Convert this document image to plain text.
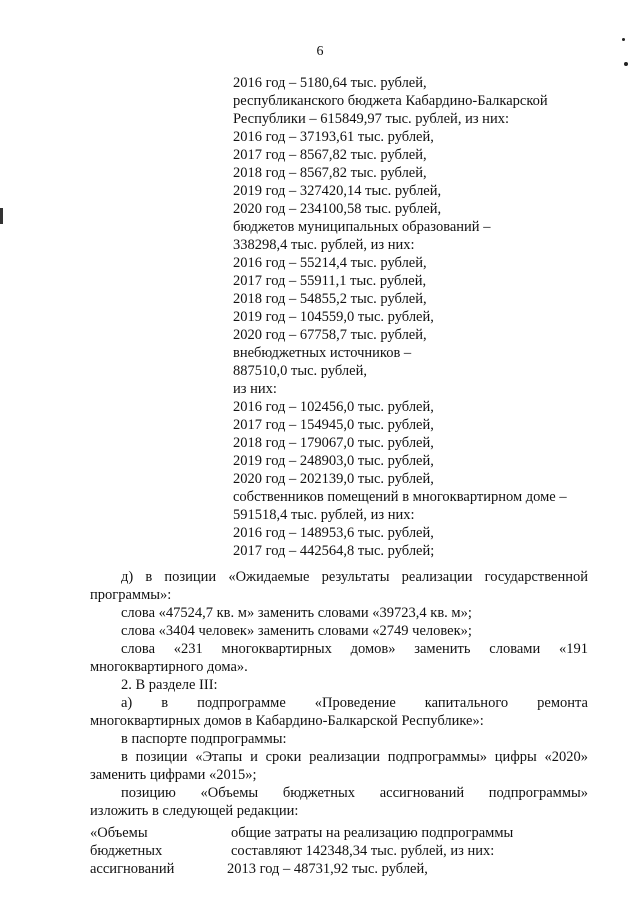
6
2016 год – 5180,64 тыс. рублей,
республиканского бюджета Кабардино-Балкарской
Республики – 615849,97 тыс. рублей, из них:
2016 год – 37193,61 тыс. рублей,
2017 год – 8567,82 тыс. рублей,
2018 год – 8567,82 тыс. рублей,
2019 год – 327420,14 тыс. рублей,
2020 год – 234100,58 тыс. рублей,
бюджетов муниципальных образований –
338298,4 тыс. рублей, из них:
2016 год – 55214,4 тыс. рублей,
2017 год – 55911,1 тыс. рублей,
2018 год – 54855,2 тыс. рублей,
2019 год – 104559,0 тыс. рублей,
2020 год – 67758,7 тыс. рублей,
внебюджетных источников –
887510,0 тыс. рублей,
из них:
2016 год – 102456,0 тыс. рублей,
2017 год – 154945,0 тыс. рублей,
2018 год – 179067,0 тыс. рублей,
2019 год – 248903,0 тыс. рублей,
2020 год – 202139,0 тыс. рублей,
собственников помещений в многоквартирном доме –
591518,4 тыс. рублей, из них:
2016 год – 148953,6 тыс. рублей,
2017 год – 442564,8 тыс. рублей;
д) в позиции «Ожидаемые результаты реализации государственной
программы»:
слова «47524,7 кв. м» заменить словами «39723,4 кв. м»;
слова «3404 человек» заменить словами «2749 человек»;
слова «231 многоквартирных домов» заменить словами «191
многоквартирного дома».
2. В разделе III:
а) в подпрограмме «Проведение капитального ремонта
многоквартирных домов в Кабардино-Балкарской Республике»:
в паспорте подпрограммы:
в позиции «Этапы и сроки реализации подпрограммы» цифры «2020»
заменить цифрами «2015»;
позицию «Объемы бюджетных ассигнований подпрограммы»
изложить в следующей редакции:
«Объемы
бюджетных
ассигнований
общие затраты на реализацию подпрограммы
составляют 142348,34 тыс. рублей, из них:
2013 год – 48731,92 тыс. рублей,
